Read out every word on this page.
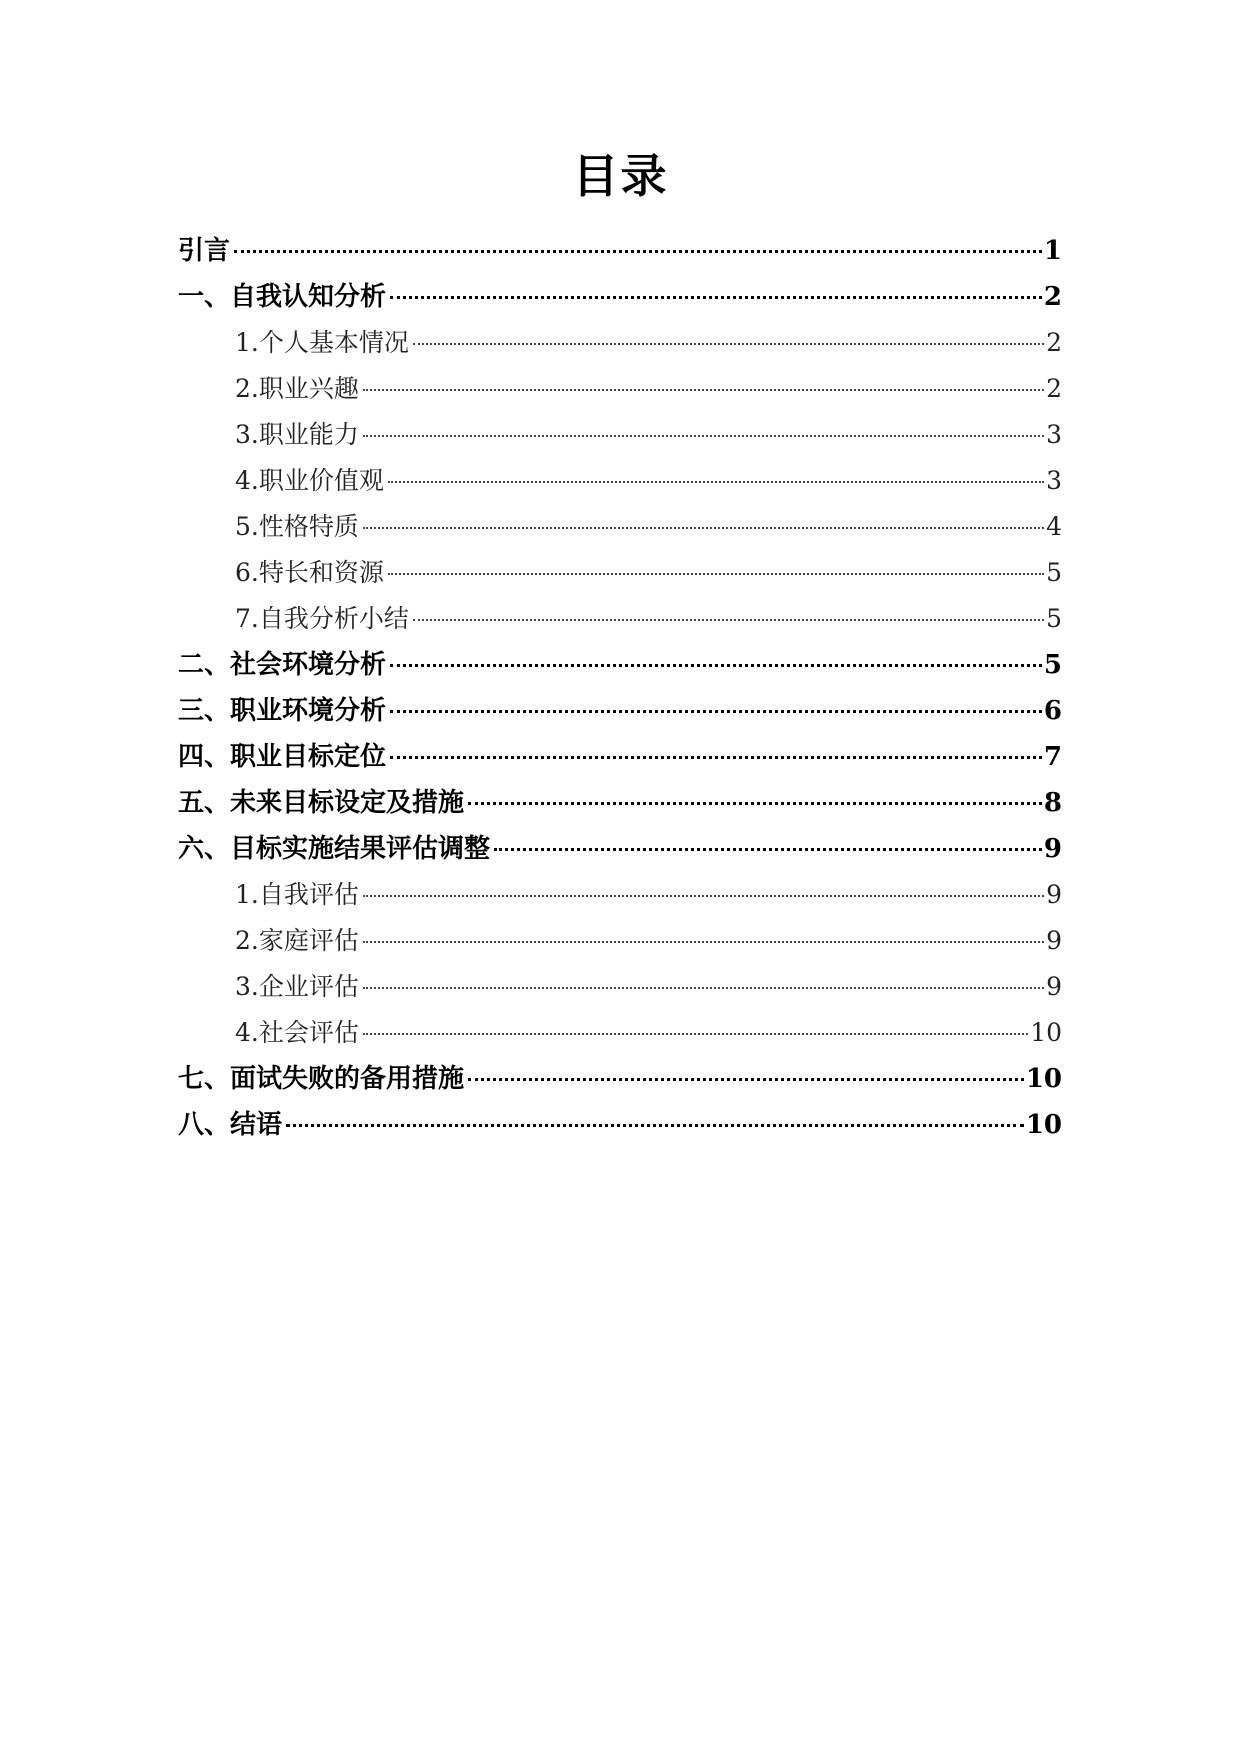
目录
引言	1
一、自我认知分析	2
1.个人基本情况	2
2.职业兴趣	2
3.职业能力	3
4.职业价值观	3
5.性格特质	4
6.特长和资源	5
7.自我分析小结	5
二、社会环境分析	5
三、职业环境分析	6
四、职业目标定位	7
五、未来目标设定及措施	8
六、目标实施结果评估调整	9
1.自我评估	9
2.家庭评估	9
3.企业评估	9
4.社会评估	10
七、面试失败的备用措施	10
八、结语	10
